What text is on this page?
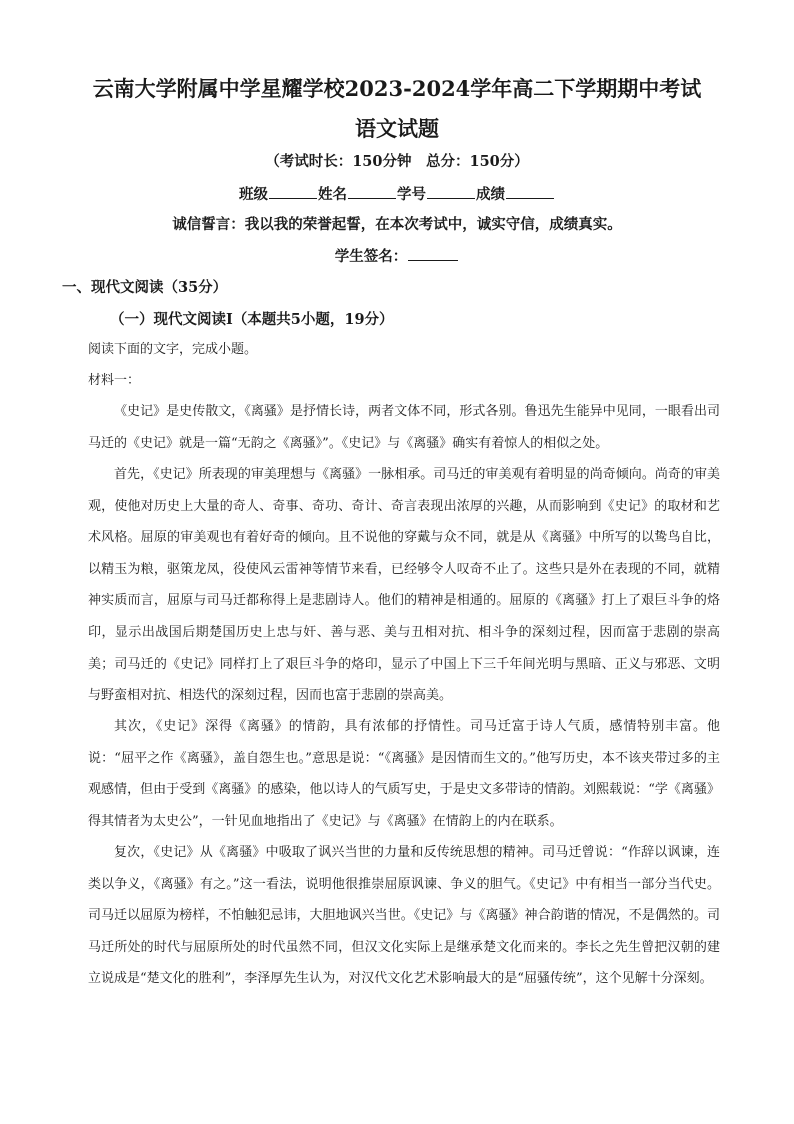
云南大学附属中学星耀学校2023-2024学年高二下学期期中考试
语文试题
（考试时长：150分钟　总分：150分）
班级	姓名	学号	成绩
诚信誓言：我以我的荣誉起誓，在本次考试中，诚实守信，成绩真实。
学生签名：
一、现代文阅读（35分）
（一）现代文阅读Ⅰ（本题共5小题，19分）
阅读下面的文字，完成小题。
材料一：

《史记》是史传散文，《离骚》是抒情长诗，两者文体不同，形式各别。鲁迅先生能异中见同，一眼看出司马迁的《史记》就是一篇“无韵之《离骚》”。《史记》与《离骚》确实有着惊人的相似之处。

首先，《史记》所表现的审美理想与《离骚》一脉相承。司马迁的审美观有着明显的尚奇倾向。尚奇的审美观，使他对历史上大量的奇人、奇事、奇功、奇计、奇言表现出浓厚的兴趣，从而影响到《史记》的取材和艺术风格。屈原的审美观也有着好奇的倾向。且不说他的穿戴与众不同，就是从《离骚》中所写的以鸷鸟自比，以精玉为粮，驱策龙凤，役使风云雷神等情节来看，已经够令人叹奇不止了。这些只是外在表现的不同，就精神实质而言，屈原与司马迁都称得上是悲剧诗人。他们的精神是相通的。屈原的《离骚》打上了艰巨斗争的烙印，显示出战国后期楚国历史上忠与奸、善与恶、美与丑相对抗、相斗争的深刻过程，因而富于悲剧的崇高美；司马迁的《史记》同样打上了艰巨斗争的烙印，显示了中国上下三千年间光明与黑暗、正义与邪恶、文明与野蛮相对抗、相迭代的深刻过程，因而也富于悲剧的崇高美。

其次，《史记》深得《离骚》的情韵，具有浓郁的抒情性。司马迁富于诗人气质，感情特别丰富。他说：“屈平之作《离骚》，盖自怨生也。”意思是说：“《离骚》是因情而生文的。”他写历史，本不该夹带过多的主观感情，但由于受到《离骚》的感染，他以诗人的气质写史，于是史文多带诗的情韵。刘熙载说：“学《离骚》得其情者为太史公”，一针见血地指出了《史记》与《离骚》在情韵上的内在联系。

复次，《史记》从《离骚》中吸取了讽兴当世的力量和反传统思想的精神。司马迁曾说：“作辞以讽谏，连类以争义，《离骚》有之。”这一看法，说明他很推崇屈原讽谏、争义的胆气。《史记》中有相当一部分当代史。司马迁以屈原为榜样，不怕触犯忌讳，大胆地讽兴当世。《史记》与《离骚》神合韵谐的情况，不是偶然的。司马迁所处的时代与屈原所处的时代虽然不同，但汉文化实际上是继承楚文化而来的。李长之先生曾把汉朝的建立说成是“楚文化的胜利”，李泽厚先生认为，对汉代文化艺术影响最大的是“屈骚传统”，这个见解十分深刻。
